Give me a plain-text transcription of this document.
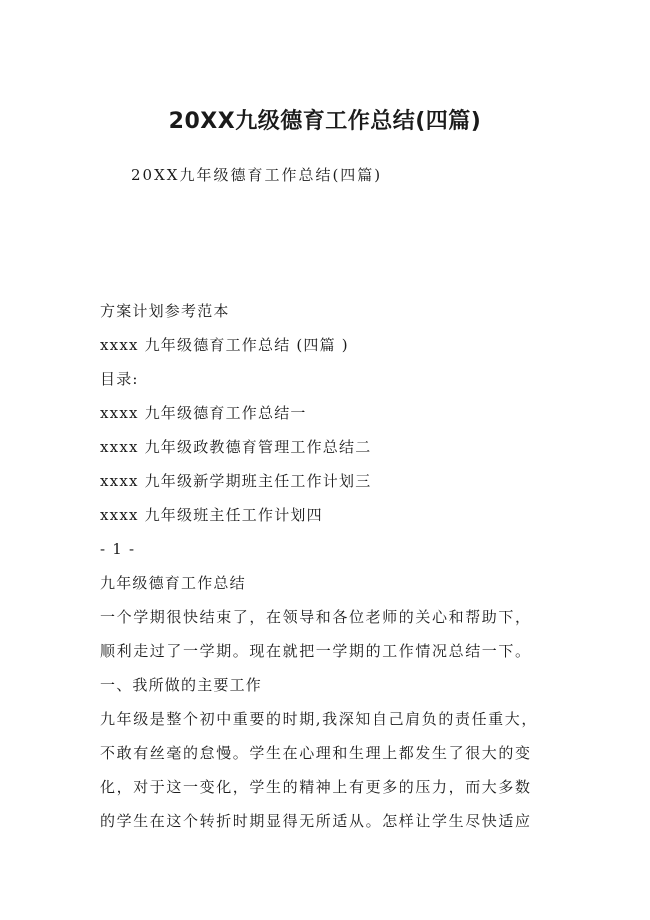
20XX九级德育工作总结(四篇)
20XX九年级德育工作总结(四篇)
方案计划参考范本
xxxx 九年级德育工作总结 (四篇 )
目录:
xxxx 九年级德育工作总结一
xxxx 九年级政教德育管理工作总结二
xxxx 九年级新学期班主任工作计划三
xxxx 九年级班主任工作计划四
- 1 -
九年级德育工作总结
一个学期很快结束了，在领导和各位老师的关心和帮助下，
顺利走过了一学期。现在就把一学期的工作情况总结一下。
一、我所做的主要工作
九年级是整个初中重要的时期,我深知自己肩负的责任重大，
不敢有丝毫的怠慢。学生在心理和生理上都发生了很大的变
化，对于这一变化，学生的精神上有更多的压力，而大多数
的学生在这个转折时期显得无所适从。怎样让学生尽快适应
